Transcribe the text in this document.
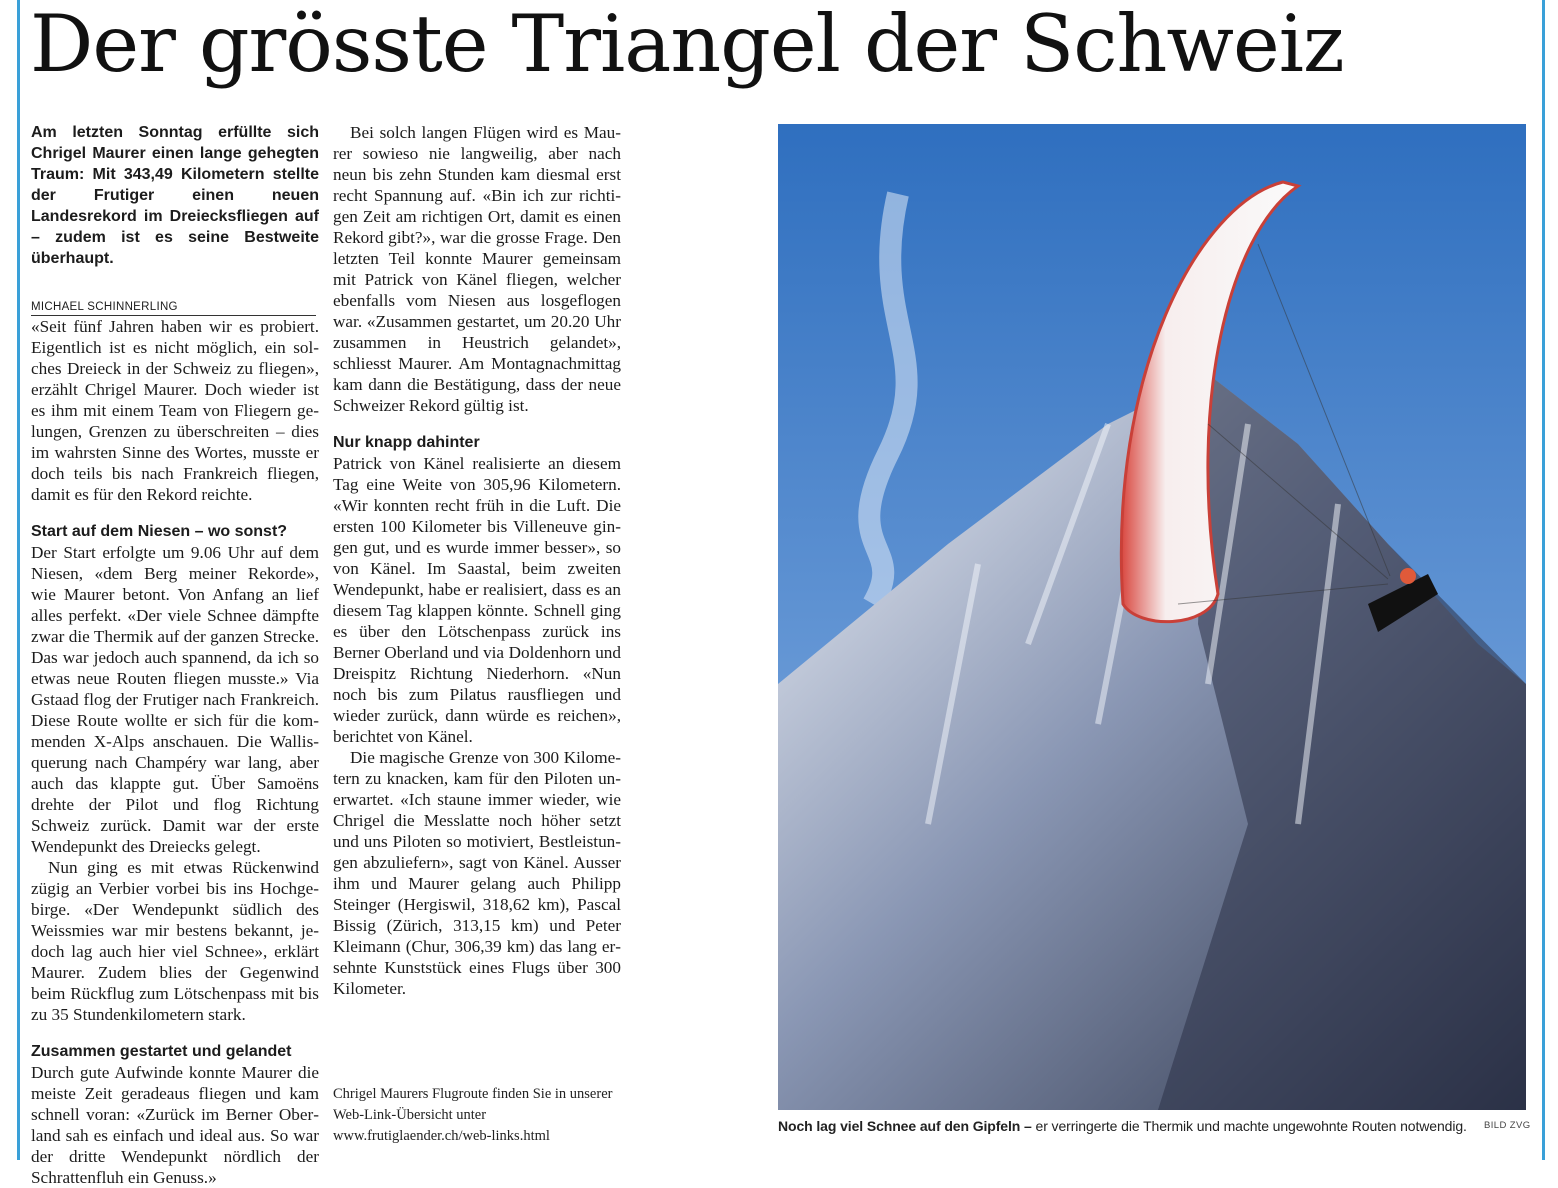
Der grösste Triangel der Schweiz

Am letzten Sonntag erfüllte sich Chrigel Maurer einen lange gehegten Traum: Mit 343,49 Kilometern stellte der Frutiger einen neuen Landesrekord im Dreiecksfliegen auf – zudem ist es seine Bestweite überhaupt.

MICHAEL SCHINNERLING

«Seit fünf Jahren haben wir es probiert. Eigentlich ist es nicht möglich, ein solches Dreieck in der Schweiz zu fliegen», erzählt Chrigel Maurer. Doch wieder ist es ihm mit einem Team von Fliegern gelungen, Grenzen zu überschreiten – dies im wahrsten Sinne des Wortes, musste er doch teils bis nach Frankreich fliegen, damit es für den Rekord reichte.

Start auf dem Niesen – wo sonst?

Der Start erfolgte um 9.06 Uhr auf dem Niesen, «dem Berg meiner Rekorde», wie Maurer betont. Von Anfang an lief alles perfekt. «Der viele Schnee dämpfte zwar die Thermik auf der ganzen Strecke. Das war jedoch auch spannend, da ich so etwas neue Routen fliegen musste.» Via Gstaad flog der Frutiger nach Frankreich. Diese Route wollte er sich für die kommenden X-Alps anschauen. Die Wallisquerung nach Champéry war lang, aber auch das klappte gut. Über Samoëns drehte der Pilot und flog Richtung Schweiz zurück. Damit war der erste Wendepunkt des Dreiecks gelegt.

Nun ging es mit etwas Rückenwind zügig an Verbier vorbei bis ins Hochgebirge. «Der Wendepunkt südlich des Weissmies war mir bestens bekannt, jedoch lag auch hier viel Schnee», erklärt Maurer. Zudem blies der Gegenwind beim Rückflug zum Lötschenpass mit bis zu 35 Stundenkilometern stark.

Zusammen gestartet und gelandet

Durch gute Aufwinde konnte Maurer die meiste Zeit geradeaus fliegen und kam schnell voran: «Zurück im Berner Oberland sah es einfach und ideal aus. So war der dritte Wendepunkt nördlich der Schrattenfluh ein Genuss.»

Bei solch langen Flügen wird es Maurer sowieso nie langweilig, aber nach neun bis zehn Stunden kam diesmal erst recht Spannung auf. «Bin ich zur richtigen Zeit am richtigen Ort, damit es einen Rekord gibt?», war die grosse Frage. Den letzten Teil konnte Maurer gemeinsam mit Patrick von Känel fliegen, welcher ebenfalls vom Niesen aus losgeflogen war. «Zusammen gestartet, um 20.20 Uhr zusammen in Heustrich gelandet», schliesst Maurer. Am Montagnachmittag kam dann die Bestätigung, dass der neue Schweizer Rekord gültig ist.

Nur knapp dahinter

Patrick von Känel realisierte an diesem Tag eine Weite von 305,96 Kilometern. «Wir konnten recht früh in die Luft. Die ersten 100 Kilometer bis Villeneuve gingen gut, und es wurde immer besser», so von Känel. Im Saastal, beim zweiten Wendepunkt, habe er realisiert, dass es an diesem Tag klappen könnte. Schnell ging es über den Lötschenpass zurück ins Berner Oberland und via Doldenhorn und Dreispitz Richtung Niederhorn. «Nun noch bis zum Pilatus rausfliegen und wieder zurück, dann würde es reichen», berichtet von Känel.

Die magische Grenze von 300 Kilometern zu knacken, kam für den Piloten unerwartet. «Ich staune immer wieder, wie Chrigel die Messlatte noch höher setzt und uns Piloten so motiviert, Bestleistungen abzuliefern», sagt von Känel. Ausser ihm und Maurer gelang auch Philipp Steinger (Hergiswil, 318,62 km), Pascal Bissig (Zürich, 313,15 km) und Peter Kleimann (Chur, 306,39 km) das lang ersehnte Kunststück eines Flugs über 300 Kilometer.

Chrigel Maurers Flugroute finden Sie in unserer Web-Link-Übersicht unter www.frutiglaender.ch/web-links.html
Noch lag viel Schnee auf den Gipfeln – er verringerte die Thermik und machte ungewohnte Routen notwendig.	BILD ZVG
